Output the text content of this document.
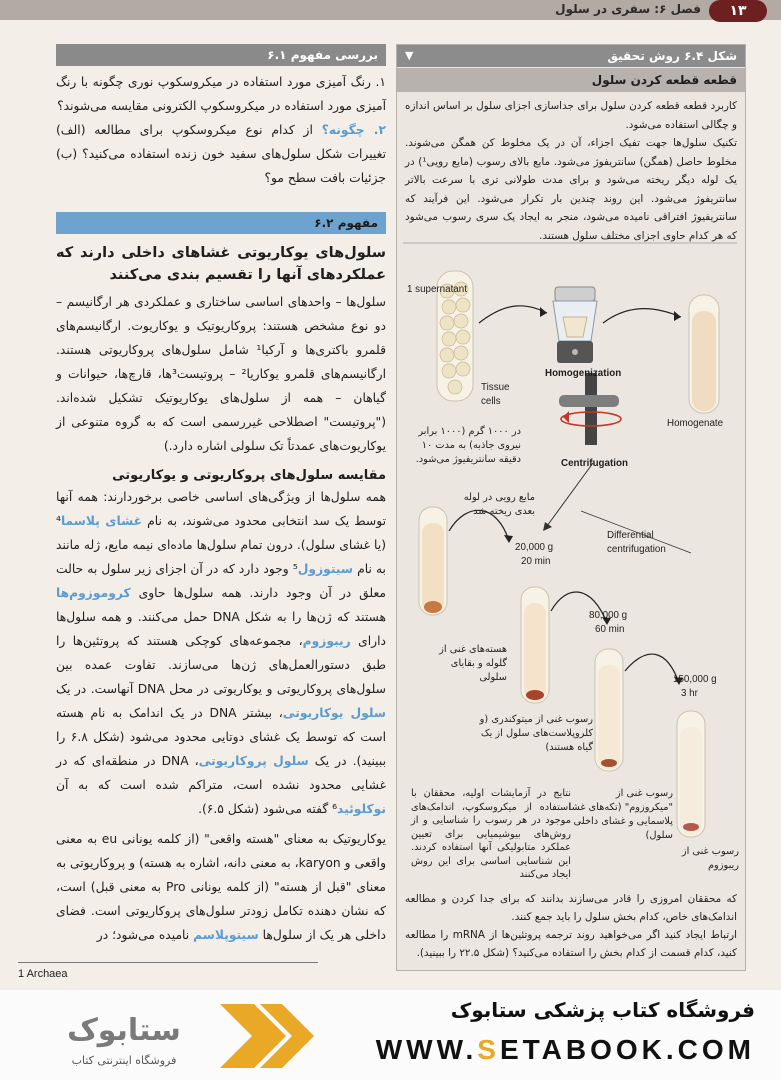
۱۳
فصل ۶: سفری در سلول
بررسی مفهوم ۶.۱

۱. رنگ آمیزی مورد استفاده در میکروسکوپ نوری چگونه با رنگ آمیزی مورد استفاده در میکروسکوپ الکترونی مقایسه می‌شوند؟

۲. چگونه؟ از کدام نوع میکروسکوپ برای مطالعه (الف) تغییرات شکل سلول‌های سفید خون زنده استفاده می‌کنید؟ (ب) جزئیات بافت سطح مو؟

مفهوم ۶.۲
سلول‌های یوکاریوتی غشاهای داخلی دارند که عملکردهای آنها را تقسیم بندی می‌کنند

سلول‌ها – واحدهای اساسی ساختاری و عملکردی هر ارگانیسم – دو نوع مشخص هستند: پروکاریوتیک و یوکاریوت. ارگانیسم‌های قلمرو باکتری‌ها و آرکیا¹ شامل سلول‌های پروکاریوتی هستند. ارگانیسم‌های قلمرو یوکاریا² – پروتیست³ها، قارچ‌ها، حیوانات و گیاهان – همه از سلول‌های یوکاریوتیک تشکیل شده‌اند. ("پروتیست" اصطلاحی غیررسمی است که به گروه متنوعی از یوکاریوت‌های عمدتاً تک سلولی اشاره دارد.)

مقایسه سلول‌های پروکاریوتی و یوکاریوتی

همه سلول‌ها از ویژگی‌های اساسی خاصی برخوردارند: همه آنها توسط یک سد انتخابی محدود می‌شوند، به نام غشای پلاسما⁴ (یا غشای سلول). درون تمام سلول‌ها ماده‌ای نیمه مایع، ژله مانند به نام سیتوزول⁵ وجود دارد که در آن اجزای زیر سلول به حالت معلق در آن وجود دارند. همه سلول‌ها حاوی کروموزوم‌ها هستند که ژن‌ها را به شکل DNA حمل می‌کنند. و همه سلول‌ها دارای ریبوزوم، مجموعه‌های کوچکی هستند که پروتئین‌ها را طبق دستورالعمل‌های ژن‌ها می‌سازند. تفاوت عمده بین سلول‌های پروکاریوتی و یوکاریوتی در محل DNA آنهاست. در یک سلول یوکاریوتی، بیشتر DNA در یک اندامک به نام هسته است که توسط یک غشای دوتایی محدود می‌شود (شکل ۶.۸ را ببینید). در یک سلول پروکاریوتی، DNA در منطقه‌ای که در غشایی محدود نشده است، متراکم شده است که به آن نوکلوئید⁶ گفته می‌شود (شکل ۶.۵).

یوکاریوتیک به معنای "هسته واقعی" (از کلمه یونانی eu به معنی واقعی و karyon، به معنی دانه، اشاره به هسته) و پروکاریوتی به معنای "قبل از هسته" (از کلمه یونانی Pro به معنی قبل) است، که نشان دهنده تکامل زودتر سلول‌های پروکاریوتی است. فضای داخلی هر یک از سلول‌ها سیتوپلاسم نامیده می‌شود؛ در

شکل ۶.۴ روش تحقیق
▼
قطعه قطعه کردن سلول
کاربرد قطعه قطعه کردن سلول برای جداسازی اجزای سلول بر اساس اندازه و چگالی استفاده می‌شود.
تکنیک سلول‌ها جهت تفیک اجزاء، آن در یک مخلوط کن همگن می‌شوند. مخلوط حاصل (همگن) سانتریفوژ می‌شود. مایع بالای رسوب (مایع رویی¹) در یک لوله دیگر ریخته می‌شود و برای مدت طولانی تری با سرعت بالاتر سانتریفوژ می‌شود. این روند چندین بار تکرار می‌شود. این فرآیند که سانتریفیوژ افتراقی نامیده می‌شود، منجر به ایجاد یک سری رسوب می‌شود که هر کدام حاوی اجزای مختلف سلول هستند.
1 supernatant
Tissue cells
Homogenization
Homogenate
Centrifugation
در ۱۰۰۰ گرم (۱۰۰۰ برابر نیروی جاذبه) به مدت ۱۰ دقیقه سانتریفیوژ می‌شود.
Differential centrifugation
مایع رویی در لوله بعدی ریخته شد
20,000 g
20 min
80,000 g
60 min
150,000 g
3 hr
هسته‌های غنی از گلوله و بقایای سلولی
رسوب غنی از میتوکندری (و کلروپلاست‌های سلول از یک گیاه هستند)
رسوب غنی از "میکروزوم" (تکه‌های غشا پلاسمایی و غشای داخلی سلول)
رسوب غنی از ریبوزوم
نتایج در آزمایشات اولیه، محققان با استفاده از میکروسکوپ، اندامک‌های موجود در هر رسوب را شناسایی و از روش‌های بیوشیمیایی برای تعیین عملکرد متابولیکی آنها استفاده کردند. این شناسایی اساسی برای این روش ایجاد می‌کنند
که محققان امروزی را قادر می‌سازند بدانند که برای جدا کردن و مطالعه اندامک‌های خاص، کدام بخش سلول را باید جمع کنند.
ارتباط ایجاد کنید اگر می‌خواهید روند ترجمه پروتئین‌ها از mRNA را مطالعه کنید، کدام قسمت از کدام بخش را استفاده می‌کنید؟ (شکل ۲۲.۵ را ببینید).
1 Archaea
فروشگاه کتاب پزشکی ستابوک
WWW.SETABOOK.COM
ستابوک
فروشگاه اینترنتی کتاب
